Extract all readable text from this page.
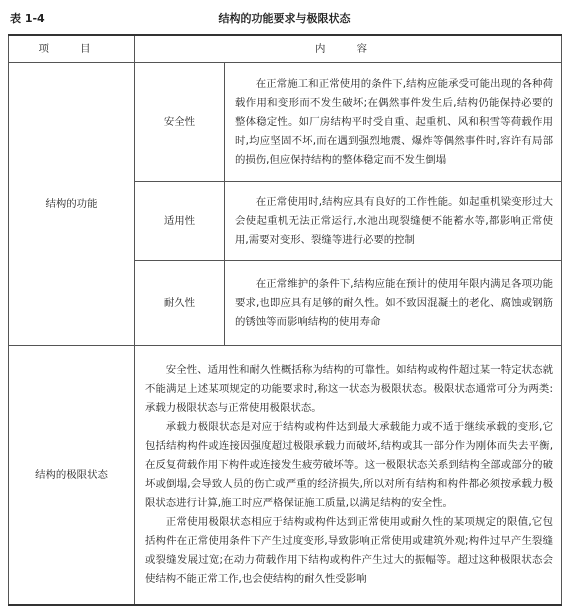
表 1-4	结构的功能要求与极限状态
项 目	内 容	
结构的功能	安全性	在正常施工和正常使用的条件下,结构应能承受可能出现的各种荷载作用和变形而不发生破坏;在偶然事件发生后,结构仍能保持必要的整体稳定性。如厂房结构平时受自重、起重机、风和积雪等荷载作用时,均应坚固不坏,而在遇到强烈地震、爆炸等偶然事件时,容许有局部的损伤,但应保持结构的整体稳定而不发生倒塌

	适用性	在正常使用时,结构应具有良好的工作性能。如起重机梁变形过大会使起重机无法正常运行,水池出现裂缝便不能蓄水等,都影响正常使用,需要对变形、裂缝等进行必要的控制

	耐久性	在正常维护的条件下,结构应能在预计的使用年限内满足各项功能要求,也即应具有足够的耐久性。如不致因混凝土的老化、腐蚀或钢筋的锈蚀等而影响结构的使用寿命

结构的极限状态	安全性、适用性和耐久性概括称为结构的可靠性。如结构或构件超过某一特定状态就不能满足上述某项规定的功能要求时,称这一状态为极限状态。极限状态通常可分为两类:承载力极限状态与正常使用极限状态。

承载力极限状态是对应于结构或构件达到最大承载能力或不适于继续承载的变形,它包括结构构件或连接因强度超过极限承载力而破坏,结构或其一部分作为刚体而失去平衡,在反复荷载作用下构件或连接发生疲劳破坏等。这一极限状态关系到结构全部或部分的破坏或倒塌,会导致人员的伤亡或严重的经济损失,所以对所有结构和构件都必须按承载力极限状态进行计算,施工时应严格保证施工质量,以满足结构的安全性。

正常使用极限状态相应于结构或构件达到正常使用或耐久性的某项规定的限值,它包括构件在正常使用条件下产生过度变形,导致影响正常使用或建筑外观;构件过早产生裂缝或裂缝发展过宽;在动力荷载作用下结构或构件产生过大的振幅等。超过这种极限状态会使结构不能正常工作,也会使结构的耐久性受影响	
